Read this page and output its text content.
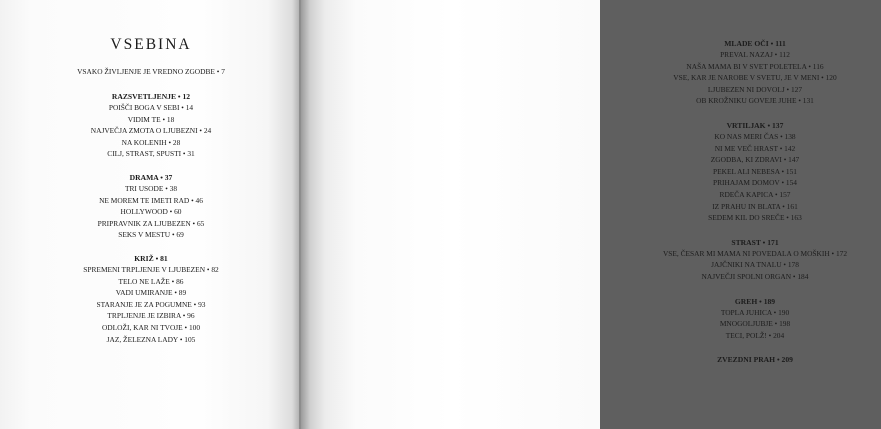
VSEBINA
VSAKO ŽIVLJENJE JE VREDNO ZGODBE • 7
RAZSVETLJENJE • 12
POIŠČI BOGA V SEBI • 14
VIDIM TE • 18
NAJVEČJA ZMOTA O LJUBEZNI • 24
NA KOLENIH • 28
CILJ, STRAST, SPUSTI • 31
DRAMA • 37
TRI USODE • 38
NE MOREM TE IMETI RAD • 46
HOLLYWOOD • 60
PRIPRAVNIK ZA LJUBEZEN • 65
SEKS V MESTU • 69
KRIŽ • 81
SPREMENI TRPLJENJE V LJUBEZEN • 82
TELO NE LAŽE • 86
VADI UMIRANJE • 89
STARANJE JE ZA POGUMNE • 93
TRPLJENJE JE IZBIRA • 96
ODLOŽI, KAR NI TVOJE • 100
JAZ, ŽELEZNA LADY • 105
MLADE OČI • 111
PREVAL NAZAJ • 112
NAŠA MAMA BI V SVET POLETELA • 116
VSE, KAR JE NAROBE V SVETU, JE V MENI • 120
LJUBEZEN NI DOVOLJ • 127
OB KROŽNIKU GOVEJE JUHE • 131
VRTILJAK • 137
KO NAS MERI ČAS • 138
NI ME VEČ HRAST • 142
ZGODBA, KI ZDRAVI • 147
PEKEL ALI NEBESA • 151
PRIHAJAM DOMOV • 154
RDEČA KAPICA • 157
IZ PRAHU IN BLATA • 161
SEDEM KIL DO SREČE • 163
STRAST • 171
VSE, ČESAR MI MAMA NI POVEDALA O MOŠKIH • 172
JAJČNIKI NA TNALU • 178
NAJVEČJI SPOLNI ORGAN • 184
GREH • 189
TOPLA JUHICA • 190
MNOGOLJUBJE • 198
TECI, POLŽ! • 204
ZVEZDNI PRAH • 209
